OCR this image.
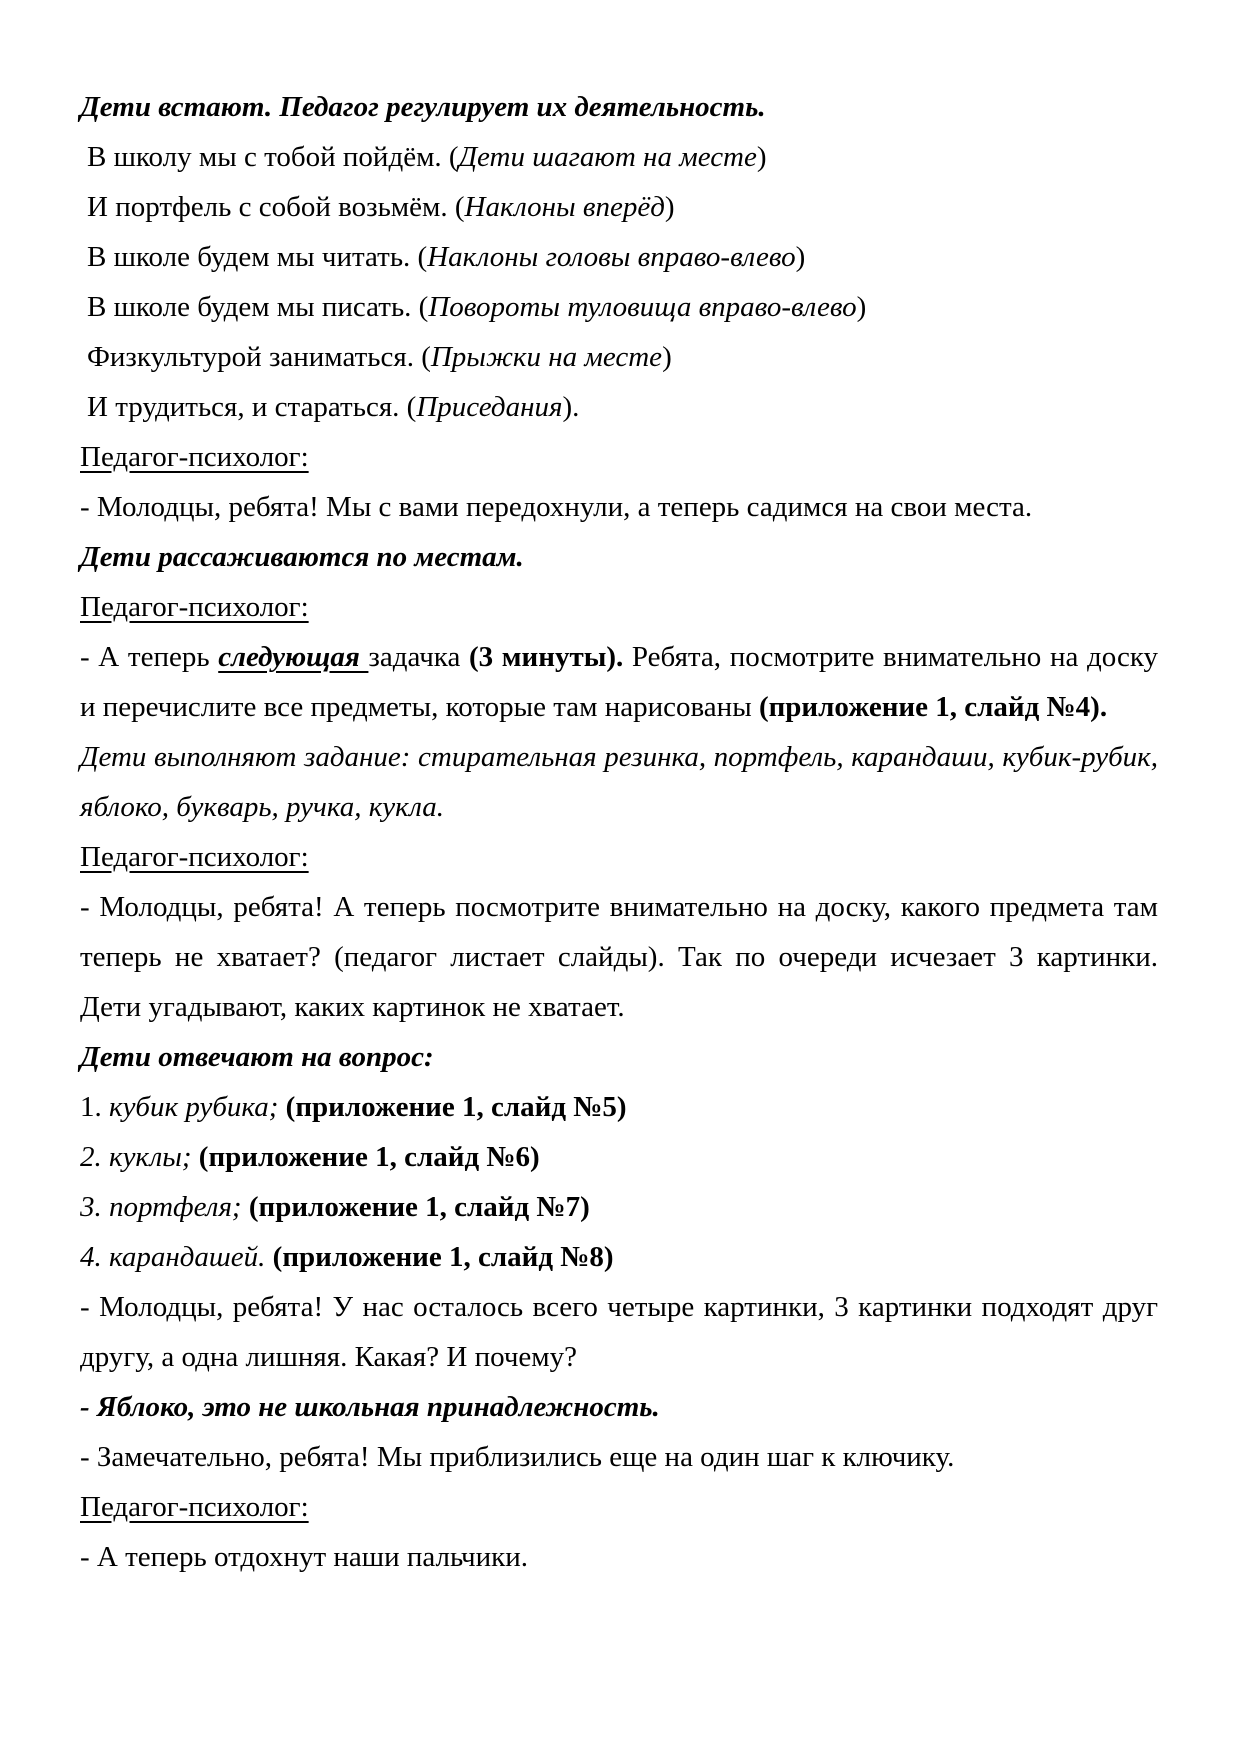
Дети встают. Педагог регулирует их деятельность.

В школу мы с тобой пойдём. (Дети шагают на месте)

И портфель с собой возьмём. (Наклоны вперёд)

В школе будем мы читать. (Наклоны головы вправо-влево)

В школе будем мы писать. (Повороты туловища вправо-влево)

Физкультурой заниматься. (Прыжки на месте)

И трудиться, и стараться. (Приседания).

Педагог-психолог:

- Молодцы, ребята! Мы с вами передохнули, а теперь садимся на свои места.

Дети рассаживаются по местам.

Педагог-психолог:

- А теперь следующая задачка (3 минуты). Ребята, посмотрите внимательно на доску и перечислите все предметы, которые там нарисованы (приложение 1, слайд №4).

Дети выполняют задание: стирательная резинка, портфель, карандаши, кубик-рубик, яблоко, букварь, ручка, кукла.

Педагог-психолог:

- Молодцы, ребята! А теперь посмотрите внимательно на доску, какого предмета там теперь не хватает? (педагог листает слайды). Так по очереди исчезает 3 картинки. Дети угадывают, каких картинок не хватает.

Дети отвечают на вопрос:

1. кубик рубика; (приложение 1, слайд №5)

2. куклы; (приложение 1, слайд №6)

3. портфеля; (приложение 1, слайд №7)

4. карандашей. (приложение 1, слайд №8)

- Молодцы, ребята! У нас осталось всего четыре картинки, 3 картинки подходят друг другу, а одна лишняя. Какая? И почему?

- Яблоко, это не школьная принадлежность.

- Замечательно, ребята! Мы приблизились еще на один шаг к ключику.

Педагог-психолог:

- А теперь отдохнут наши пальчики.
